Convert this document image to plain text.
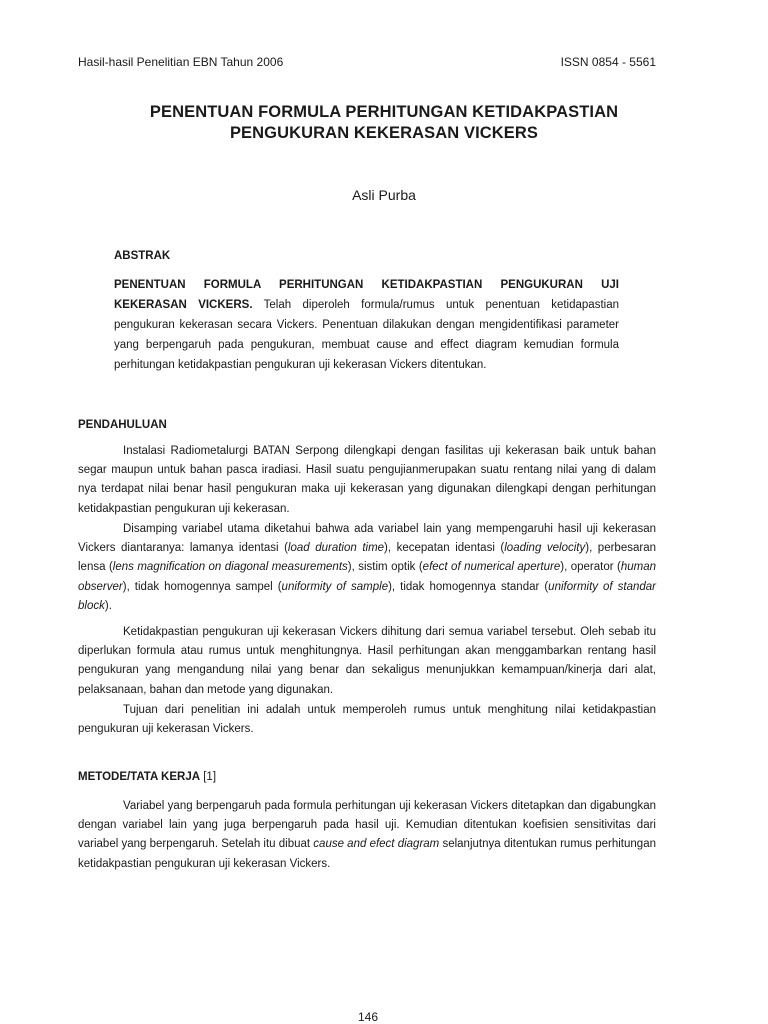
Hasil-hasil Penelitian EBN Tahun 2006	ISSN 0854 - 5561
PENENTUAN FORMULA PERHITUNGAN KETIDAKPASTIAN
PENGUKURAN KEKERASAN VICKERS
Asli Purba
ABSTRAK
PENENTUAN FORMULA PERHITUNGAN KETIDAKPASTIAN PENGUKURAN UJI KEKERASAN VICKERS. Telah diperoleh formula/rumus untuk penentuan ketidapastian pengukuran kekerasan secara Vickers. Penentuan dilakukan dengan mengidentifikasi parameter yang berpengaruh pada pengukuran, membuat cause and effect diagram kemudian formula perhitungan ketidakpastian pengukuran uji kekerasan Vickers ditentukan.
PENDAHULUAN
Instalasi Radiometalurgi BATAN Serpong dilengkapi dengan fasilitas uji kekerasan baik untuk bahan segar maupun untuk bahan pasca iradiasi. Hasil suatu pengujianmerupakan suatu rentang nilai yang di dalam nya terdapat nilai benar hasil pengukuran maka uji kekerasan yang digunakan dilengkapi dengan perhitungan ketidakpastian pengukuran uji kekerasan.
Disamping variabel utama diketahui bahwa ada variabel lain yang mempengaruhi hasil uji kekerasan Vickers diantaranya: lamanya identasi (load duration time), kecepatan identasi (loading velocity), perbesaran lensa (lens magnification on diagonal measurements), sistim optik (efect of numerical aperture), operator (human observer), tidak homogennya sampel (uniformity of sample), tidak homogennya standar (uniformity of standar block).
Ketidakpastian pengukuran uji kekerasan Vickers dihitung dari semua variabel tersebut. Oleh sebab itu diperlukan formula atau rumus untuk menghitungnya. Hasil perhitungan akan menggambarkan rentang hasil pengukuran yang mengandung nilai yang benar dan sekaligus menunjukkan kemampuan/kinerja dari alat, pelaksanaan, bahan dan metode yang digunakan.
Tujuan dari penelitian ini adalah untuk memperoleh rumus untuk menghitung nilai ketidakpastian pengukuran uji kekerasan Vickers.
METODE/TATA KERJA [1]
Variabel yang berpengaruh pada formula perhitungan uji kekerasan Vickers ditetapkan dan digabungkan dengan variabel lain yang juga berpengaruh pada hasil uji. Kemudian ditentukan koefisien sensitivitas dari variabel yang berpengaruh. Setelah itu dibuat cause and efect diagram selanjutnya ditentukan rumus perhitungan ketidakpastian pengukuran uji kekerasan Vickers.
146
